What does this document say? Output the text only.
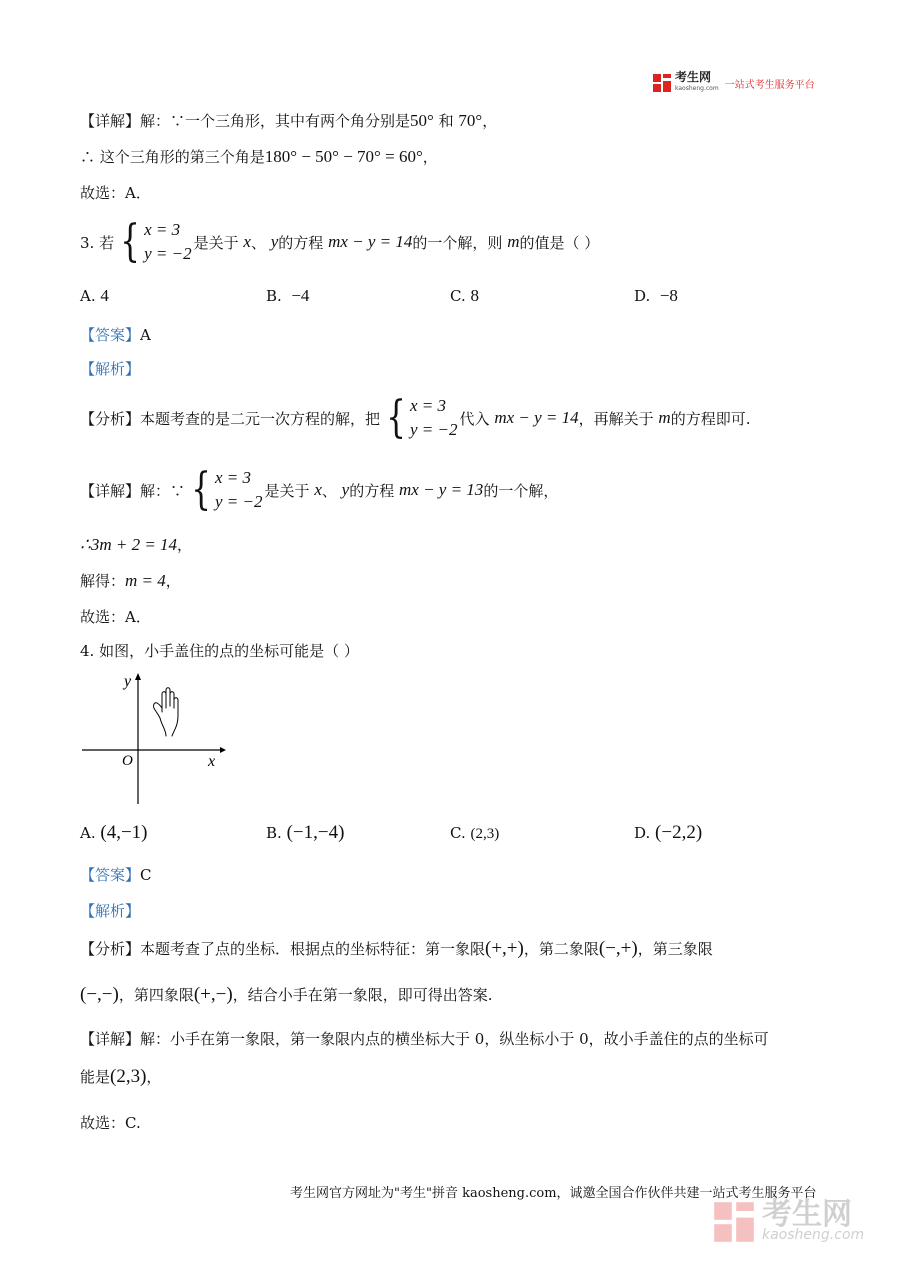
考生网
kaosheng.com 一站式考生服务平台
【详解】解：∵一个三角形，其中有两个角分别是50° 和 70°，
∴ 这个三角形的第三个角是180° − 50° − 70° = 60°，
故选：A．
3. 若 { x = 3
y = −2
是关于
x 、
y 的方程
mx − y = 14 的一个解，则
m 的值是（ ）
A. 4	B. −4	C. 8	D. −8
【答案】A
【解析】
【分析】本题考查的是二元一次方程的解，把 { x = 3
y = −2
代入
mx − y = 14 ，再解关于
m 的方程即可.
【详解】解：∵ { x = 3
y = −2
是关于
x 、
y 的方程
mx − y = 13 的一个解，
∴3m + 2 = 14，
解得：m = 4，
故选：A．
4. 如图，小手盖住的点的坐标可能是（ ）
y
x
O
A. (4,−1)	B. (−1,−4)	C. (2,3)	D. (−2,2)
【答案】C
【解析】
【分析】本题考查了点的坐标．根据点的坐标特征：第一象限(+,+)，第二象限(−,+)，第三象限
(−,−)，第四象限(+,−)，结合小手在第一象限，即可得出答案.
【详解】解：小手在第一象限，第一象限内点的横坐标大于 0，纵坐标小于 0，故小手盖住的点的坐标可
能是(2,3)，
故选：C.
考生网官方网址为"考生"拼音 kaosheng.com，诚邀全国合作伙伴共建一站式考生服务平台
考生网
kaosheng.com
